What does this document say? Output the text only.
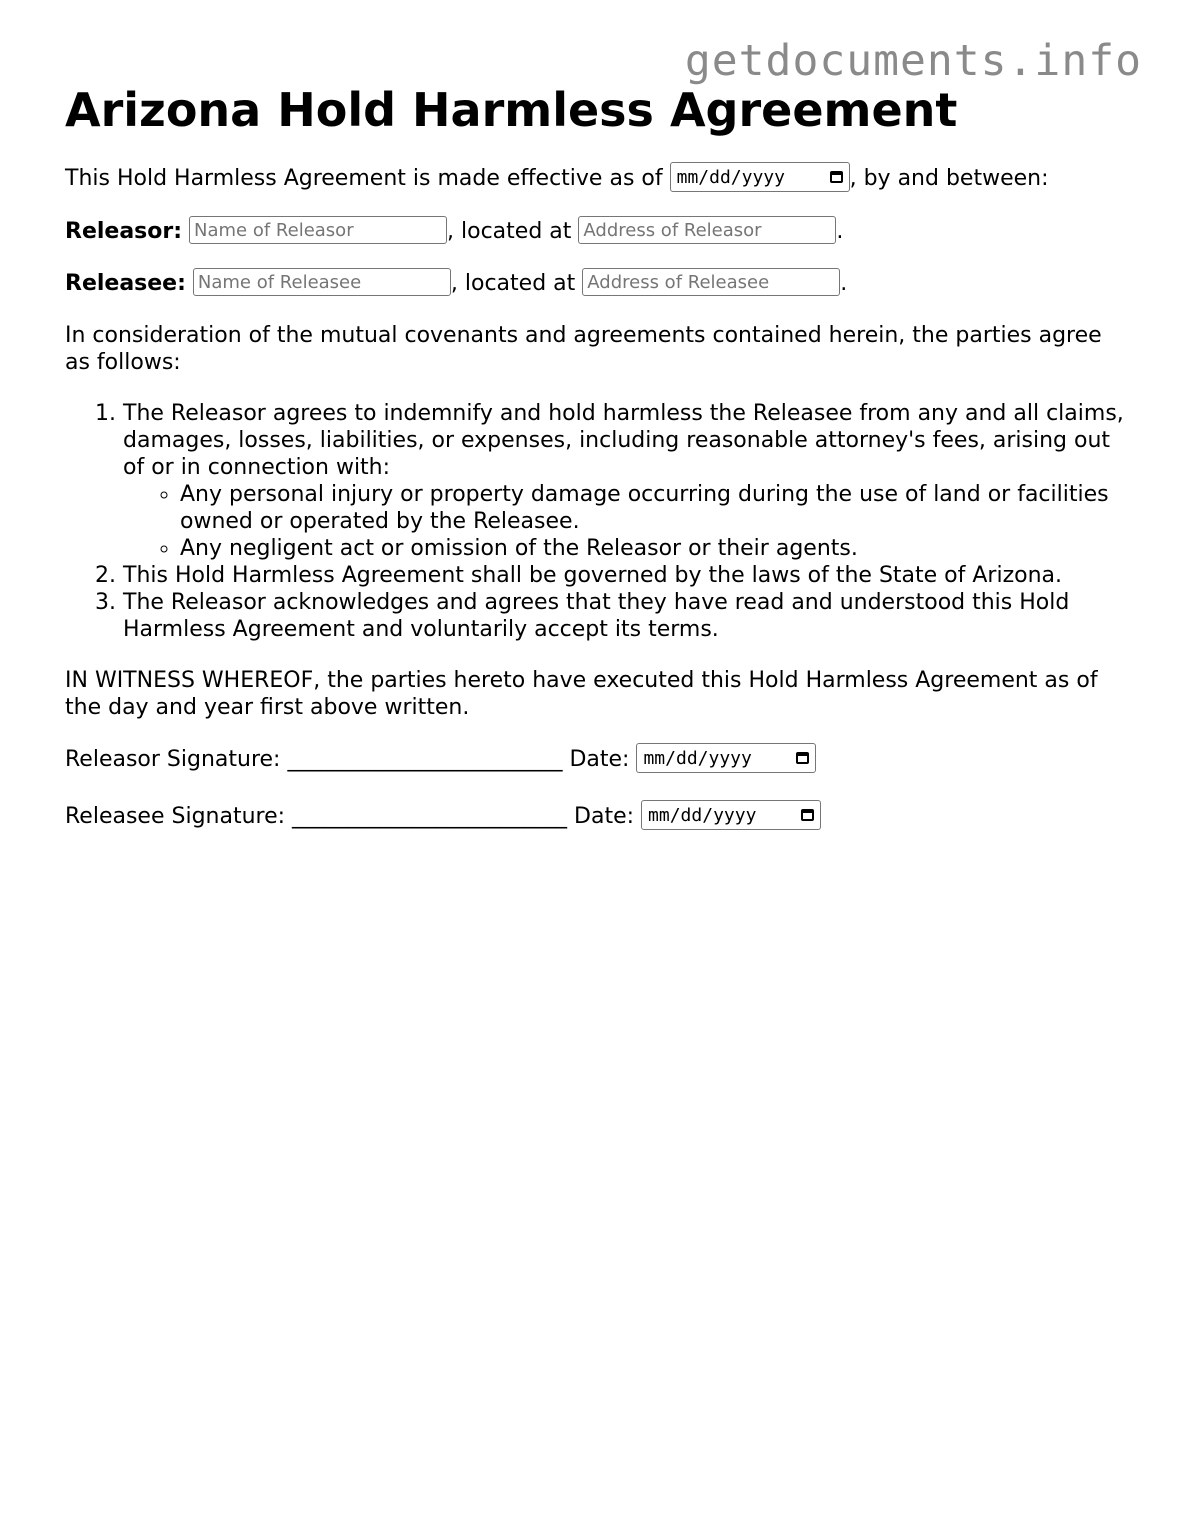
getdocuments.info
Arizona Hold Harmless Agreement

This Hold Harmless Agreement is made effective as of mm/dd/yyyy	, by and between:

Releasor: Name of Releasor	, located at Address of Releasor	.

Releasee: Name of Releasee	, located at Address of Releasee	.

In consideration of the mutual covenants and agreements contained herein, the parties agree as follows:

1. The Releasor agrees to indemnify and hold harmless the Releasee from any and all claims, damages, losses, liabilities, or expenses, including reasonable attorney's fees, arising out of or in connection with:
◦ Any personal injury or property damage occurring during the use of land or facilities owned or operated by the Releasee.
◦ Any negligent act or omission of the Releasor or their agents.
2. This Hold Harmless Agreement shall be governed by the laws of the State of Arizona.
3. The Releasor acknowledges and agrees that they have read and understood this Hold Harmless Agreement and voluntarily accept its terms.

IN WITNESS WHEREOF, the parties hereto have executed this Hold Harmless Agreement as of the day and year first above written.

Releasor Signature: _________________________ Date: mm/dd/yyyy

Releasee Signature: _________________________ Date: mm/dd/yyyy
